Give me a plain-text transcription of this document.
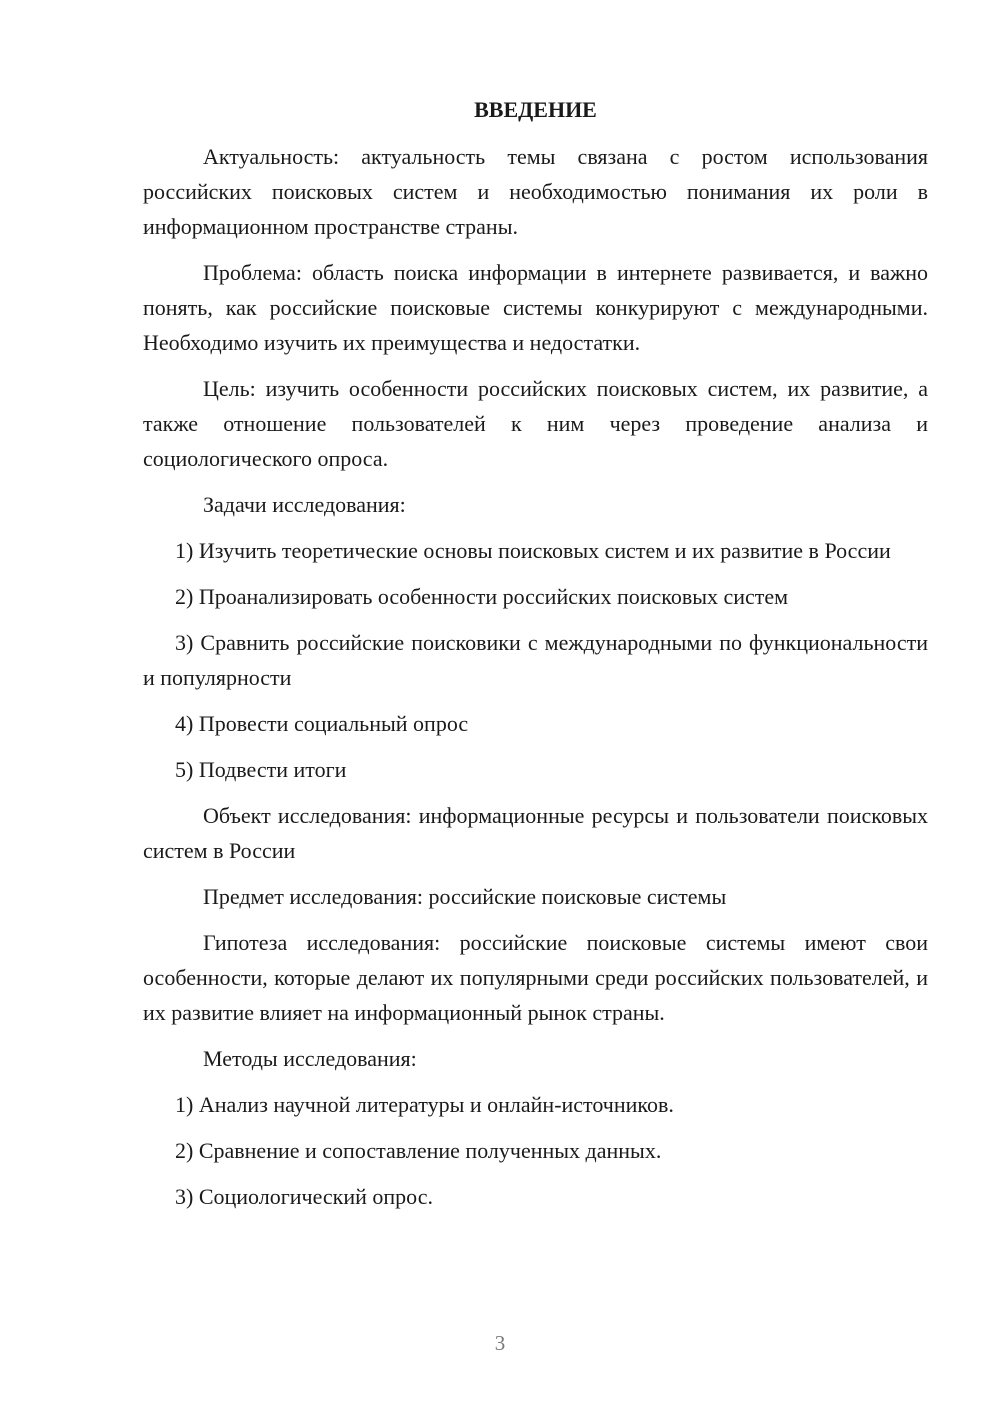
ВВЕДЕНИЕ

Актуальность: актуальность темы связана с ростом использования российских поисковых систем и необходимостью понимания их роли в информационном пространстве страны.

Проблема: область поиска информации в интернете развивается, и важно понять, как российские поисковые системы конкурируют с международными. Необходимо изучить их преимущества и недостатки.

Цель: изучить особенности российских поисковых систем, их развитие, а также отношение пользователей к ним через проведение анализа и социологического опроса.

Задачи исследования:

1) Изучить теоретические основы поисковых систем и их развитие в России

2) Проанализировать особенности российских поисковых систем

3) Сравнить российские поисковики с международными по функциональности и популярности

4) Провести социальный опрос

5) Подвести итоги

Объект исследования: информационные ресурсы и пользователи поисковых систем в России

Предмет исследования: российские поисковые системы

Гипотеза исследования: российские поисковые системы имеют свои особенности, которые делают их популярными среди российских пользователей, и их развитие влияет на информационный рынок страны.

Методы исследования:

1) Анализ научной литературы и онлайн-источников.

2) Сравнение и сопоставление полученных данных.

3) Социологический опрос.

3
